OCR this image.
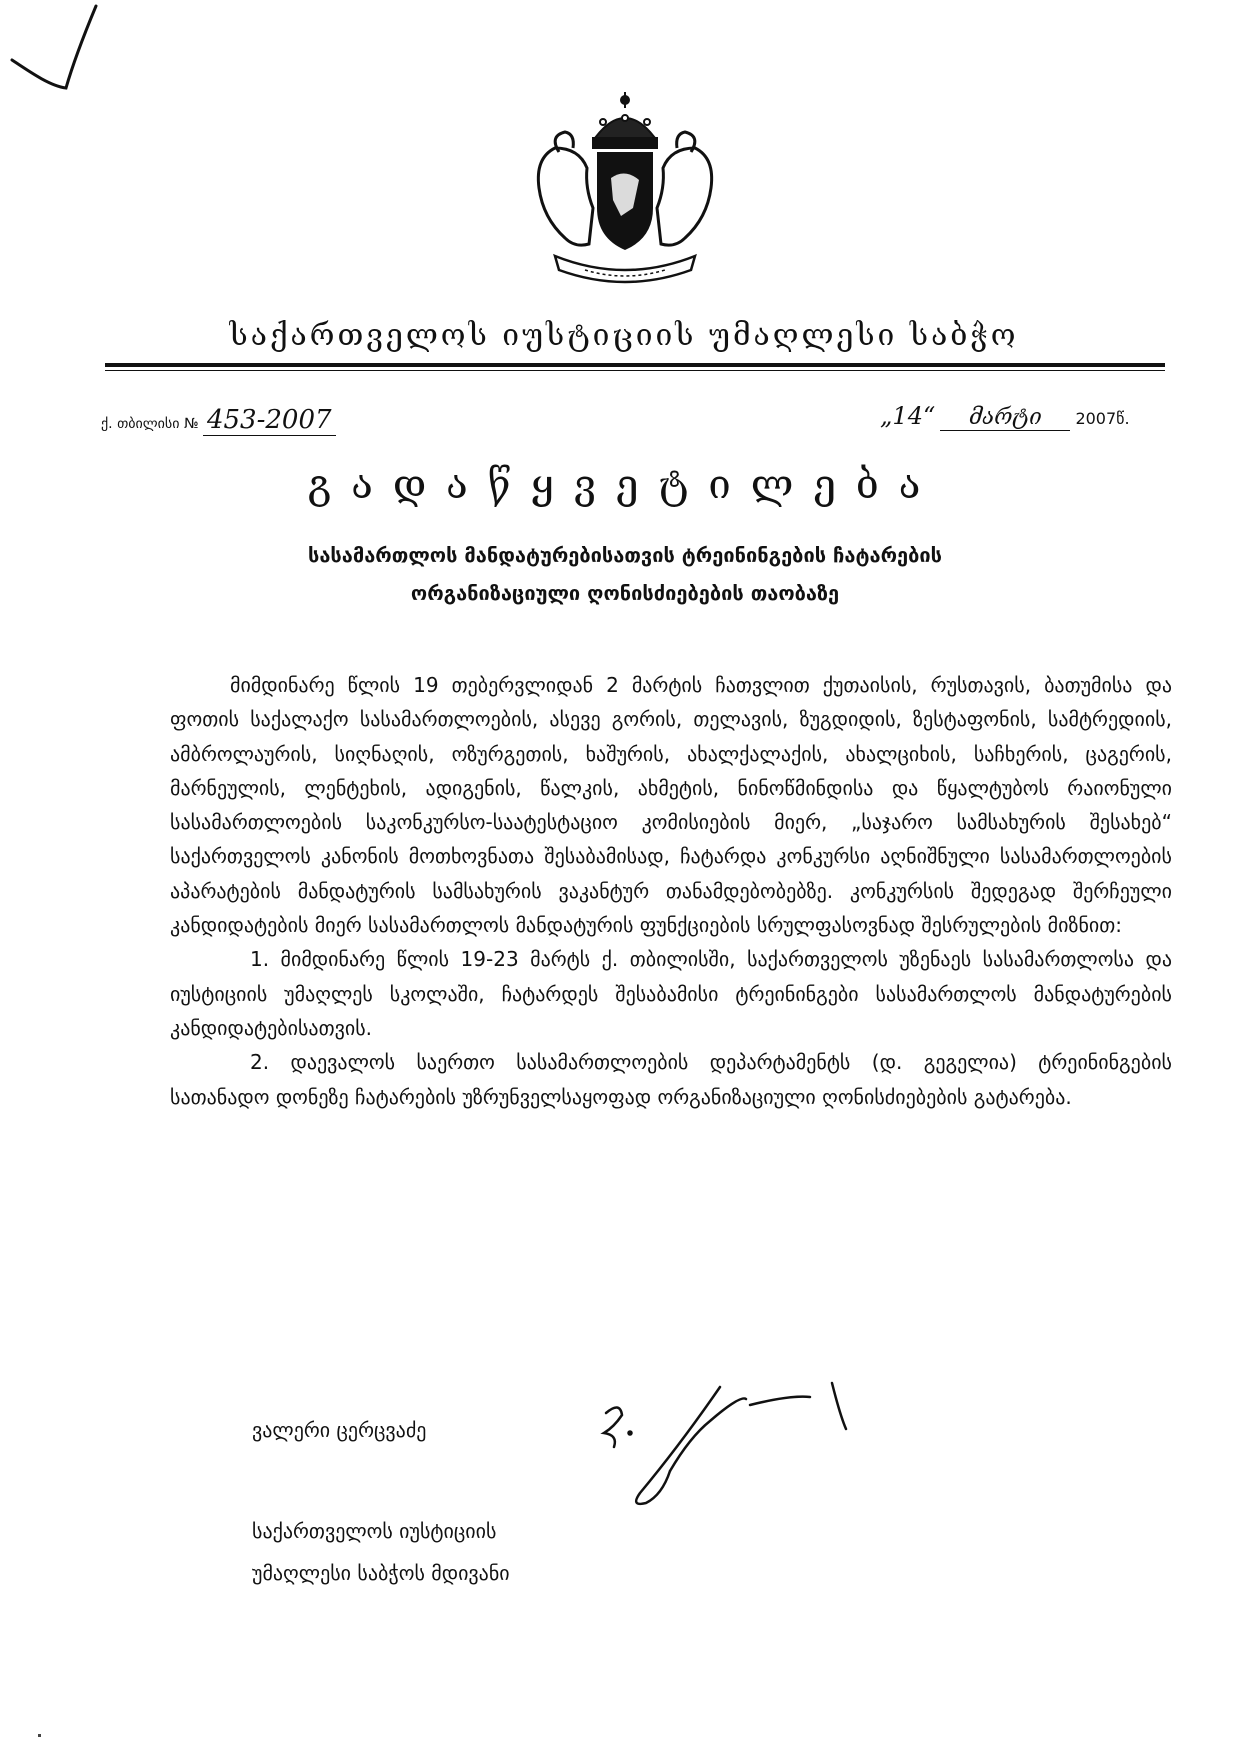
საქართველოს იუსტიციის უმაღლესი საბჭო
ქ. თბილისი № 453-2007	„14“ მარტი 2007წ.
გადაწყვეტილება
სასამართლოს მანდატურებისათვის ტრეინინგების ჩატარების
ორგანიზაციული ღონისძიებების თაობაზე

მიმდინარე წლის 19 თებერვლიდან 2 მარტის ჩათვლით ქუთაისის, რუსთავის, ბათუმისა და ფოთის საქალაქო სასამართლოების, ასევე გორის, თელავის, ზუგდიდის, ზესტაფონის, სამტრედიის, ამბროლაურის, სიღნაღის, ოზურგეთის, ხაშურის, ახალქალაქის, ახალციხის, საჩხერის, ცაგერის, მარნეულის, ლენტეხის, ადიგენის, წალკის, ახმეტის, ნინოწმინდისა და წყალტუბოს რაიონული სასამართლოების საკონკურსო-საატესტაციო კომისიების მიერ, „საჯარო სამსახურის შესახებ“ საქართველოს კანონის მოთხოვნათა შესაბამისად, ჩატარდა კონკურსი აღნიშნული სასამართლოების აპარატების მანდატურის სამსახურის ვაკანტურ თანამდებობებზე. კონკურსის შედეგად შერჩეული კანდიდატების მიერ სასამართლოს მანდატურის ფუნქციების სრულფასოვნად შესრულების მიზნით:

1. მიმდინარე წლის 19-23 მარტს ქ. თბილისში, საქართველოს უზენაეს სასამართლოსა და იუსტიციის უმაღლეს სკოლაში, ჩატარდეს შესაბამისი ტრეინინგები სასამართლოს მანდატურების კანდიდატებისათვის.

2. დაევალოს საერთო სასამართლოების დეპარტამენტს (დ. გეგელია) ტრეინინგების სათანადო დონეზე ჩატარების უზრუნველსაყოფად ორგანიზაციული ღონისძიებების გატარება.

ვალერი ცერცვაძე
საქართველოს იუსტიციის
უმაღლესი საბჭოს მდივანი
